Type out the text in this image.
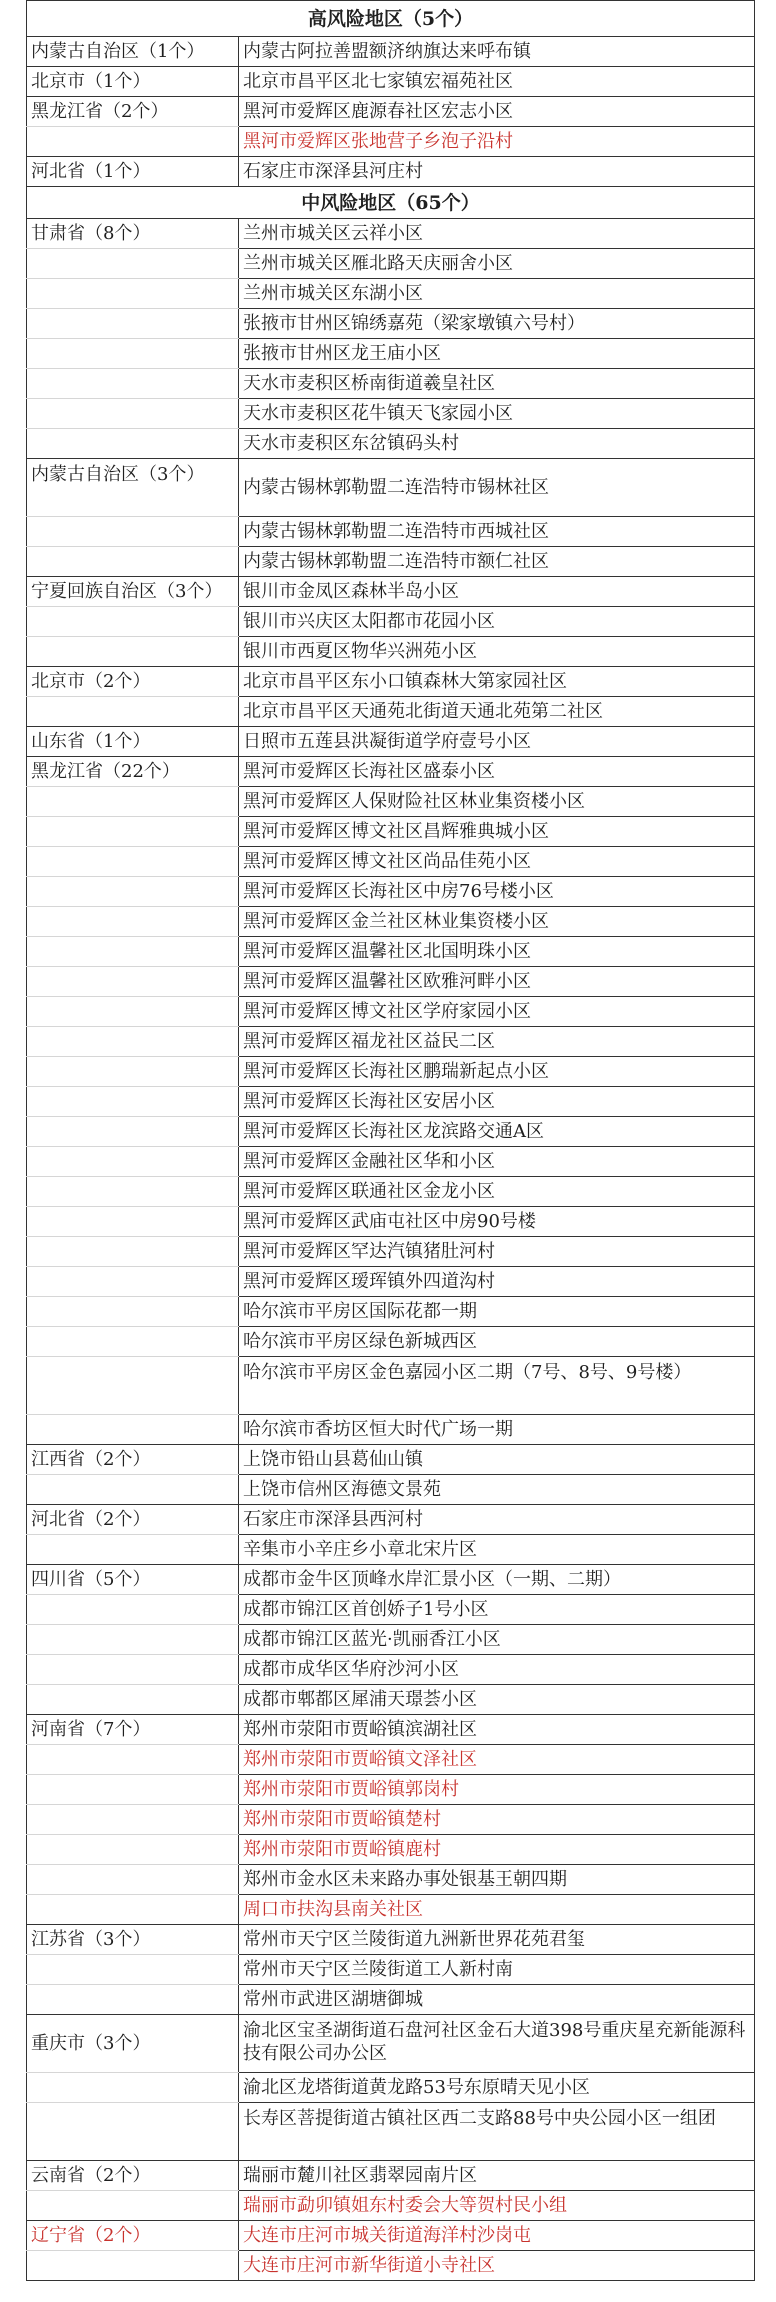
高风险地区（5个）	
内蒙古自治区（1个）	内蒙古阿拉善盟额济纳旗达来呼布镇
北京市（1个）	北京市昌平区北七家镇宏福苑社区
黑龙江省（2个）	黑河市爱辉区鹿源春社区宏志小区
	黑河市爱辉区张地营子乡泡子沿村
河北省（1个）	石家庄市深泽县河庄村
中风险地区（65个）	
甘肃省（8个）	兰州市城关区云祥小区
	兰州市城关区雁北路天庆丽舍小区
	兰州市城关区东湖小区
	张掖市甘州区锦绣嘉苑（梁家墩镇六号村）
	张掖市甘州区龙王庙小区
	天水市麦积区桥南街道羲皇社区
	天水市麦积区花牛镇天飞家园小区
	天水市麦积区东岔镇码头村
内蒙古自治区（3个）	内蒙古锡林郭勒盟二连浩特市锡林社区
	内蒙古锡林郭勒盟二连浩特市西城社区
	内蒙古锡林郭勒盟二连浩特市额仁社区
宁夏回族自治区（3个）	银川市金凤区森林半岛小区
	银川市兴庆区太阳都市花园小区
	银川市西夏区物华兴洲苑小区
北京市（2个）	北京市昌平区东小口镇森林大第家园社区
	北京市昌平区天通苑北街道天通北苑第二社区
山东省（1个）	日照市五莲县洪凝街道学府壹号小区
黑龙江省（22个）	黑河市爱辉区长海社区盛泰小区
	黑河市爱辉区人保财险社区林业集资楼小区
	黑河市爱辉区博文社区昌辉雅典城小区
	黑河市爱辉区博文社区尚品佳苑小区
	黑河市爱辉区长海社区中房76号楼小区
	黑河市爱辉区金兰社区林业集资楼小区
	黑河市爱辉区温馨社区北国明珠小区
	黑河市爱辉区温馨社区欧雅河畔小区
	黑河市爱辉区博文社区学府家园小区
	黑河市爱辉区福龙社区益民二区
	黑河市爱辉区长海社区鹏瑞新起点小区
	黑河市爱辉区长海社区安居小区
	黑河市爱辉区长海社区龙滨路交通A区
	黑河市爱辉区金融社区华和小区
	黑河市爱辉区联通社区金龙小区
	黑河市爱辉区武庙屯社区中房90号楼
	黑河市爱辉区罕达汽镇猪肚河村
	黑河市爱辉区瑷珲镇外四道沟村
	哈尔滨市平房区国际花都一期
	哈尔滨市平房区绿色新城西区
	哈尔滨市平房区金色嘉园小区二期（7号、8号、9号楼）
	哈尔滨市香坊区恒大时代广场一期
江西省（2个）	上饶市铅山县葛仙山镇
	上饶市信州区海德文景苑
河北省（2个）	石家庄市深泽县西河村
	辛集市小辛庄乡小章北宋片区
四川省（5个）	成都市金牛区顶峰水岸汇景小区（一期、二期）
	成都市锦江区首创娇子1号小区
	成都市锦江区蓝光·凯丽香江小区
	成都市成华区华府沙河小区
	成都市郫都区犀浦天璟荟小区
河南省（7个）	郑州市荥阳市贾峪镇滨湖社区
	郑州市荥阳市贾峪镇文泽社区
	郑州市荥阳市贾峪镇郭岗村
	郑州市荥阳市贾峪镇楚村
	郑州市荥阳市贾峪镇鹿村
	郑州市金水区未来路办事处银基王朝四期
	周口市扶沟县南关社区
江苏省（3个）	常州市天宁区兰陵街道九洲新世界花苑君玺
	常州市天宁区兰陵街道工人新村南
	常州市武进区湖塘御城
重庆市（3个）	渝北区宝圣湖街道石盘河社区金石大道398号重庆星充新能源科技有限公司办公区
	渝北区龙塔街道黄龙路53号东原晴天见小区
	长寿区菩提街道古镇社区西二支路88号中央公园小区一组团
云南省（2个）	瑞丽市麓川社区翡翠园南片区
	瑞丽市勐卯镇姐东村委会大等贺村民小组
辽宁省（2个）	大连市庄河市城关街道海洋村沙岗屯
	大连市庄河市新华街道小寺社区
